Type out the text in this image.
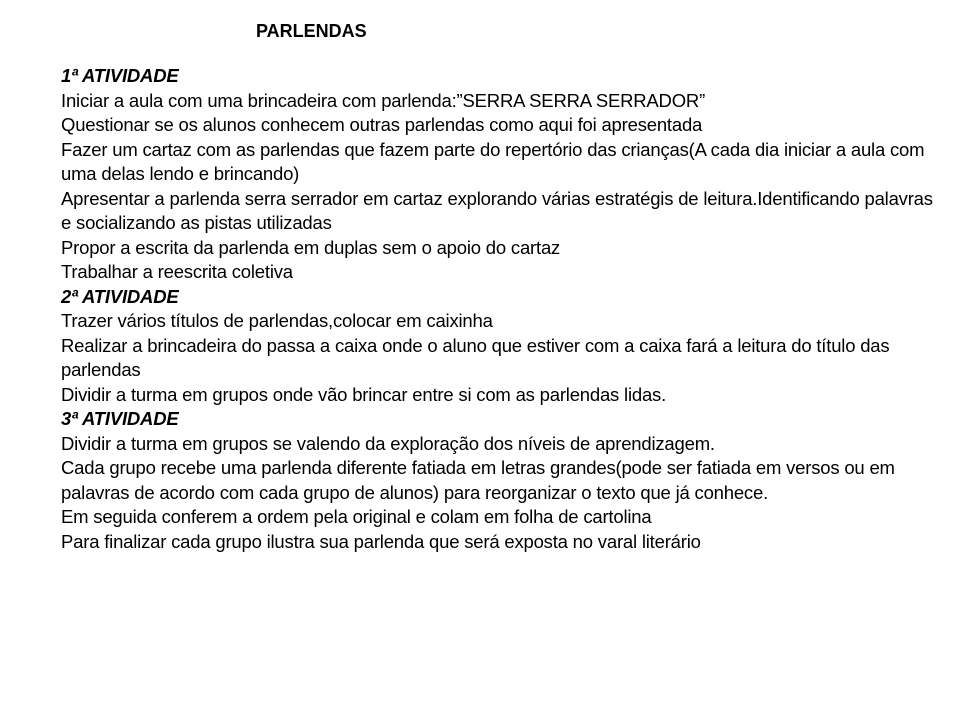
PARLENDAS
1ª ATIVIDADE
Iniciar a aula com uma brincadeira com parlenda:”SERRA SERRA SERRADOR”
Questionar se os alunos conhecem outras parlendas como aqui foi apresentada
Fazer um cartaz com as parlendas que fazem parte do repertório das crianças(A cada dia iniciar a aula com uma delas lendo e brincando)
Apresentar a parlenda serra serrador em cartaz explorando várias estratégis de leitura.Identificando palavras e socializando as pistas utilizadas
Propor a escrita da parlenda em duplas sem o apoio do cartaz
Trabalhar a reescrita coletiva
2ª ATIVIDADE
Trazer vários títulos de parlendas,colocar em caixinha
Realizar a brincadeira do passa a caixa onde o aluno que estiver com a caixa fará a leitura do título das parlendas
Dividir a turma em grupos onde vão brincar entre si com as parlendas lidas.
3ª ATIVIDADE
Dividir a turma em grupos se valendo da exploração dos níveis de aprendizagem.
Cada grupo recebe uma parlenda diferente fatiada em letras grandes(pode ser fatiada em versos ou em palavras de acordo com cada grupo de alunos) para reorganizar o texto que já conhece.
Em seguida conferem a ordem pela original e colam em folha de cartolina
Para finalizar cada grupo ilustra sua parlenda que será exposta no varal literário
